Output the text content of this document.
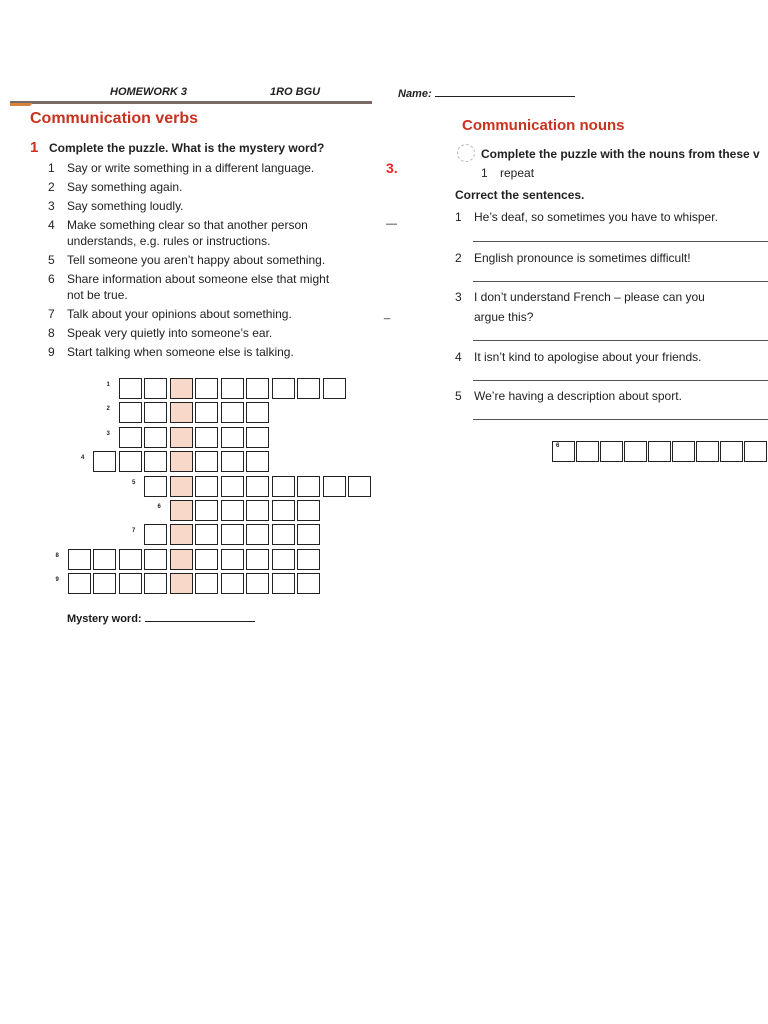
HOMEWORK 3	1RO BGU	Name:
Communication verbs
1 Complete the puzzle. What is the mystery word?
1 Say or write something in a different language.
2 Say something again.
3 Say something loudly.
4 Make something clear so that another person
understands, e.g. rules or instructions.
5 Tell someone you aren’t happy about something.
6 Share information about someone else that might
not be true.
7 Talk about your opinions about something.
8 Speak very quietly into someone’s ear.
9 Start talking when someone else is talking.
1
2
3
4
5
6
7
8
9
Mystery word:
3.
—
_
Communication nouns
Complete the puzzle with the nouns from these v
1 repeat
Correct the sentences.
1 He’s deaf, so sometimes you have to whisper.
2 English pronounce is sometimes difficult!
3 I don’t understand French – please can you
argue this?
4 It isn’t kind to apologise about your friends.
5 We’re having a description about sport.
6
